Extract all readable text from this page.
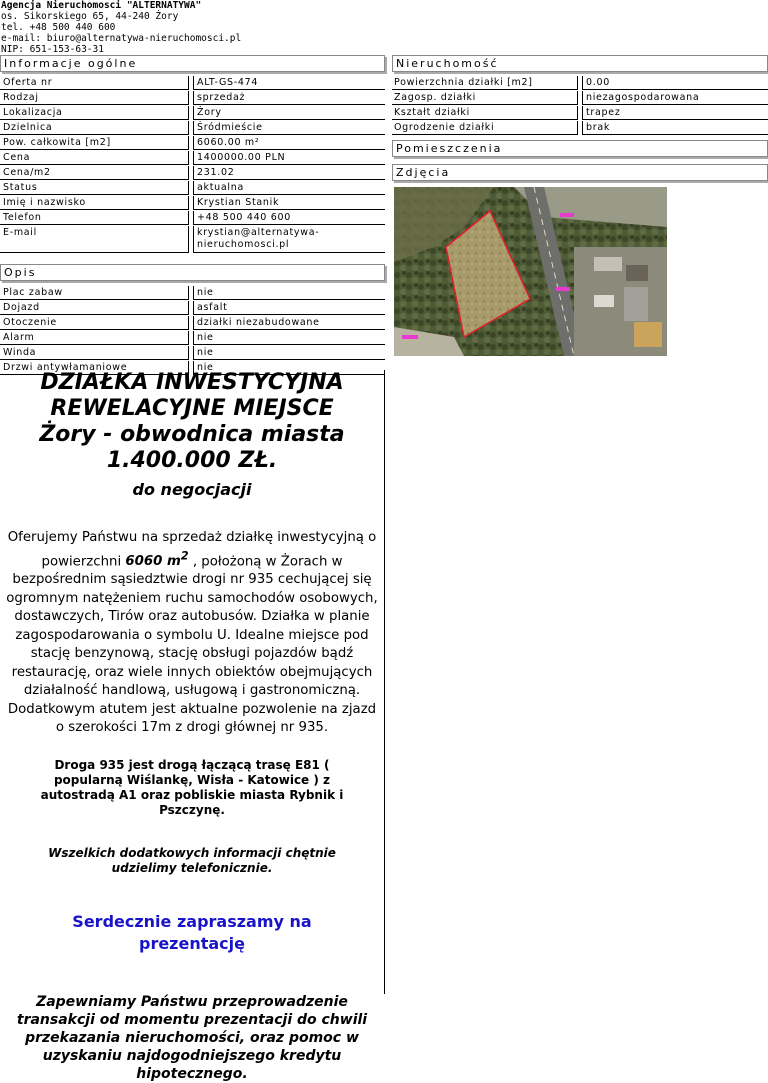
Agencja Nieruchomosci "ALTERNATYWA"
os. Sikorskiego 65, 44-240 Żory
tel. +48 500 440 600
e-mail: biuro@alternatywa-nieruchomosci.pl
NIP: 651-153-63-31
Informacje ogólne
Oferta nr	ALT-GS-474
Rodzaj	sprzedaż
Lokalizacja	Żory
Dzielnica	Śródmieście
Pow. całkowita [m2]	6060.00 m²
Cena	1400000.00 PLN
Cena/m2	231.02
Status	aktualna
Imię i nazwisko	Krystian Stanik
Telefon	+48 500 440 600
E-mail	krystian@alternatywa-nieruchomosci.pl
Opis
Plac zabaw	nie
Dojazd	asfalt
Otoczenie	działki niezabudowane
Alarm	nie
Winda	nie
Drzwi antywłamaniowe	nie
Nieruchomość
Powierzchnia działki [m2]	0.00
Zagosp. działki	niezagospodarowana
Kształt działki	trapez
Ogrodzenie działki	brak
Pomieszczenia
Zdjęcia

DZIAŁKA INWESTYCYJNA

REWELACYJNE MIEJSCE

Żory - obwodnica miasta

1.400.000 ZŁ.

do negocjacji
Oferujemy Państwu na sprzedaż działkę inwestycyjną o powierzchni 6060 $m^2$ , położoną w Żorach w bezpośrednim sąsiedztwie drogi nr 935 cechującej się ogromnym natężeniem ruchu samochodów osobowych, dostawczych, Tirów oraz autobusów. Działka w planie zagospodarowania o symbolu U. Idealne miejsce pod stację benzynową, stację obsługi pojazdów bądź restaurację, oraz wiele innych obiektów obejmujących działalność handlową, usługową i gastronomiczną. Dodatkowym atutem jest aktualne pozwolenie na zjazd o szerokości 17m z drogi głównej nr 935.
Droga 935 jest drogą łączącą trasę E81 ( popularną Wiślankę, Wisła - Katowice ) z autostradą A1 oraz pobliskie miasta Rybnik i Pszczynę.
Wszelkich dodatkowych informacji chętnie udzielimy telefonicznie.
Serdecznie zapraszamy na prezentację
Zapewniamy Państwu przeprowadzenie transakcji od momentu prezentacji do chwili przekazania nieruchomości, oraz pomoc w uzyskaniu najdogodniejszego kredytu hipotecznego.
